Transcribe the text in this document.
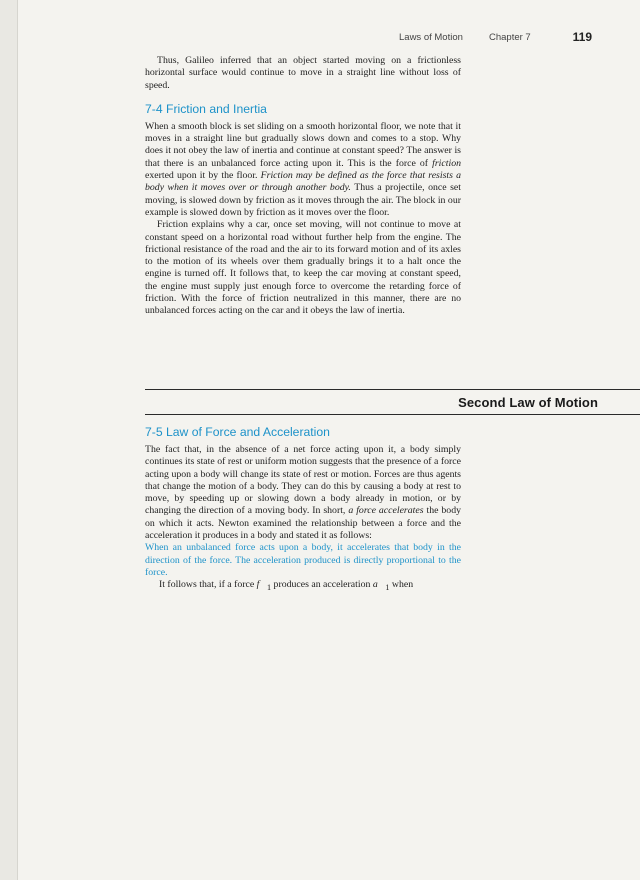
Laws of Motion	Chapter 7	119

Thus, Galileo inferred that an object started moving on a frictionless horizontal surface would continue to move in a straight line without loss of speed.

7-4 Friction and Inertia

When a smooth block is set sliding on a smooth horizontal floor, we note that it moves in a straight line but gradually slows down and comes to a stop. Why does it not obey the law of inertia and continue at constant speed? The answer is that there is an unbalanced force acting upon it. This is the force of friction exerted upon it by the floor. Friction may be defined as the force that resists a body when it moves over or through another body. Thus a projectile, once set moving, is slowed down by friction as it moves through the air. The block in our example is slowed down by friction as it moves over the floor.

Friction explains why a car, once set moving, will not continue to move at constant speed on a horizontal road without further help from the engine. The frictional resistance of the road and the air to its forward motion and of its axles to the motion of its wheels over them gradually brings it to a halt once the engine is turned off. It follows that, to keep the car moving at constant speed, the engine must supply just enough force to overcome the retarding force of friction. With the force of friction neutralized in this manner, there are no unbalanced forces acting on the car and it obeys the law of inertia.

Second Law of Motion
7-5 Law of Force and Acceleration

The fact that, in the absence of a net force acting upon it, a body simply continues its state of rest or uniform motion suggests that the presence of a force acting upon a body will change its state of rest or motion. Forces are thus agents that change the motion of a body. They can do this by causing a body at rest to move, by speeding up or slowing down a body already in motion, or by changing the direction of a moving body. In short, a force accelerates the body on which it acts. Newton examined the relationship between a force and the acceleration it produces in a body and stated it as follows:

When an unbalanced force acts upon a body, it accelerates that body in the direction of the force. The acceleration produced is directly proportional to the force.

It follows that, if a force $f⃗_1$ produces an acceleration $a⃗_1$ when
